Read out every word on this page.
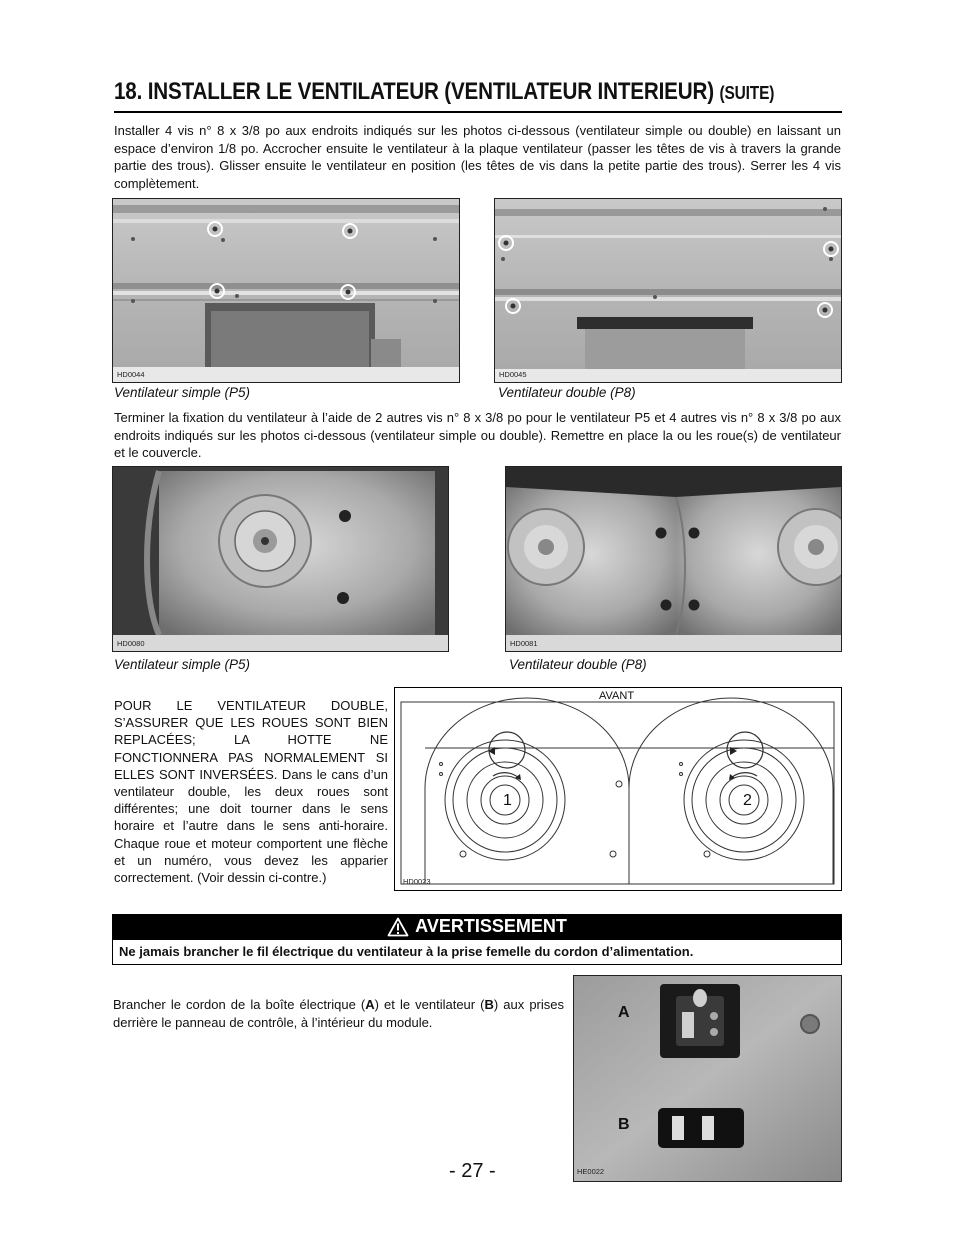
18. INSTALLER LE VENTILATEUR (VENTILATEUR INTERIEUR) (SUITE)
Installer 4 vis n° 8 x 3/8 po aux endroits indiqués sur les photos ci-dessous (ventilateur simple ou double) en laissant un espace d’environ 1/8 po. Accrocher ensuite le ventilateur à la plaque ventilateur (passer les têtes de vis à travers la grande partie des trous). Glisser ensuite le ventilateur en position (les têtes de vis dans la petite partie des trous). Serrer les 4 vis complètement.
HD0044
Ventilateur simple (P5)
HD0045
Ventilateur double (P8)
Terminer la fixation du ventilateur à l’aide de 2 autres vis n° 8 x 3/8 po pour le ventilateur P5 et 4 autres vis n° 8 x 3/8 po aux endroits indiqués sur les photos ci-dessous (ventilateur simple ou double). Remettre en place la ou les roue(s) de ventilateur et le couvercle.
HD0080
Ventilateur simple (P5)
HD0081
Ventilateur double (P8)
POUR LE VENTILATEUR DOUBLE, S’ASSURER QUE LES ROUES SONT BIEN REPLACÉES; LA HOTTE NE FONCTIONNERA PAS NORMALEMENT SI ELLES SONT INVERSÉES. Dans le cans d’un ventilateur double, les deux roues sont différentes; une doit tourner dans le sens horaire et l’autre dans le sens anti-horaire. Chaque roue et moteur comportent une flèche et un numéro, vous devez les apparier correctement. (Voir dessin ci-contre.)
AVANT
1	2
HD0023
AVERTISSEMENT
Ne jamais brancher le fil électrique du ventilateur à la prise femelle du cordon d’alimentation.
Brancher le cordon de la boîte électrique (A) et le ventilateur (B) aux prises derrière le panneau de contrôle, à l’intérieur du module.
A
B
HE0022
- 27 -
